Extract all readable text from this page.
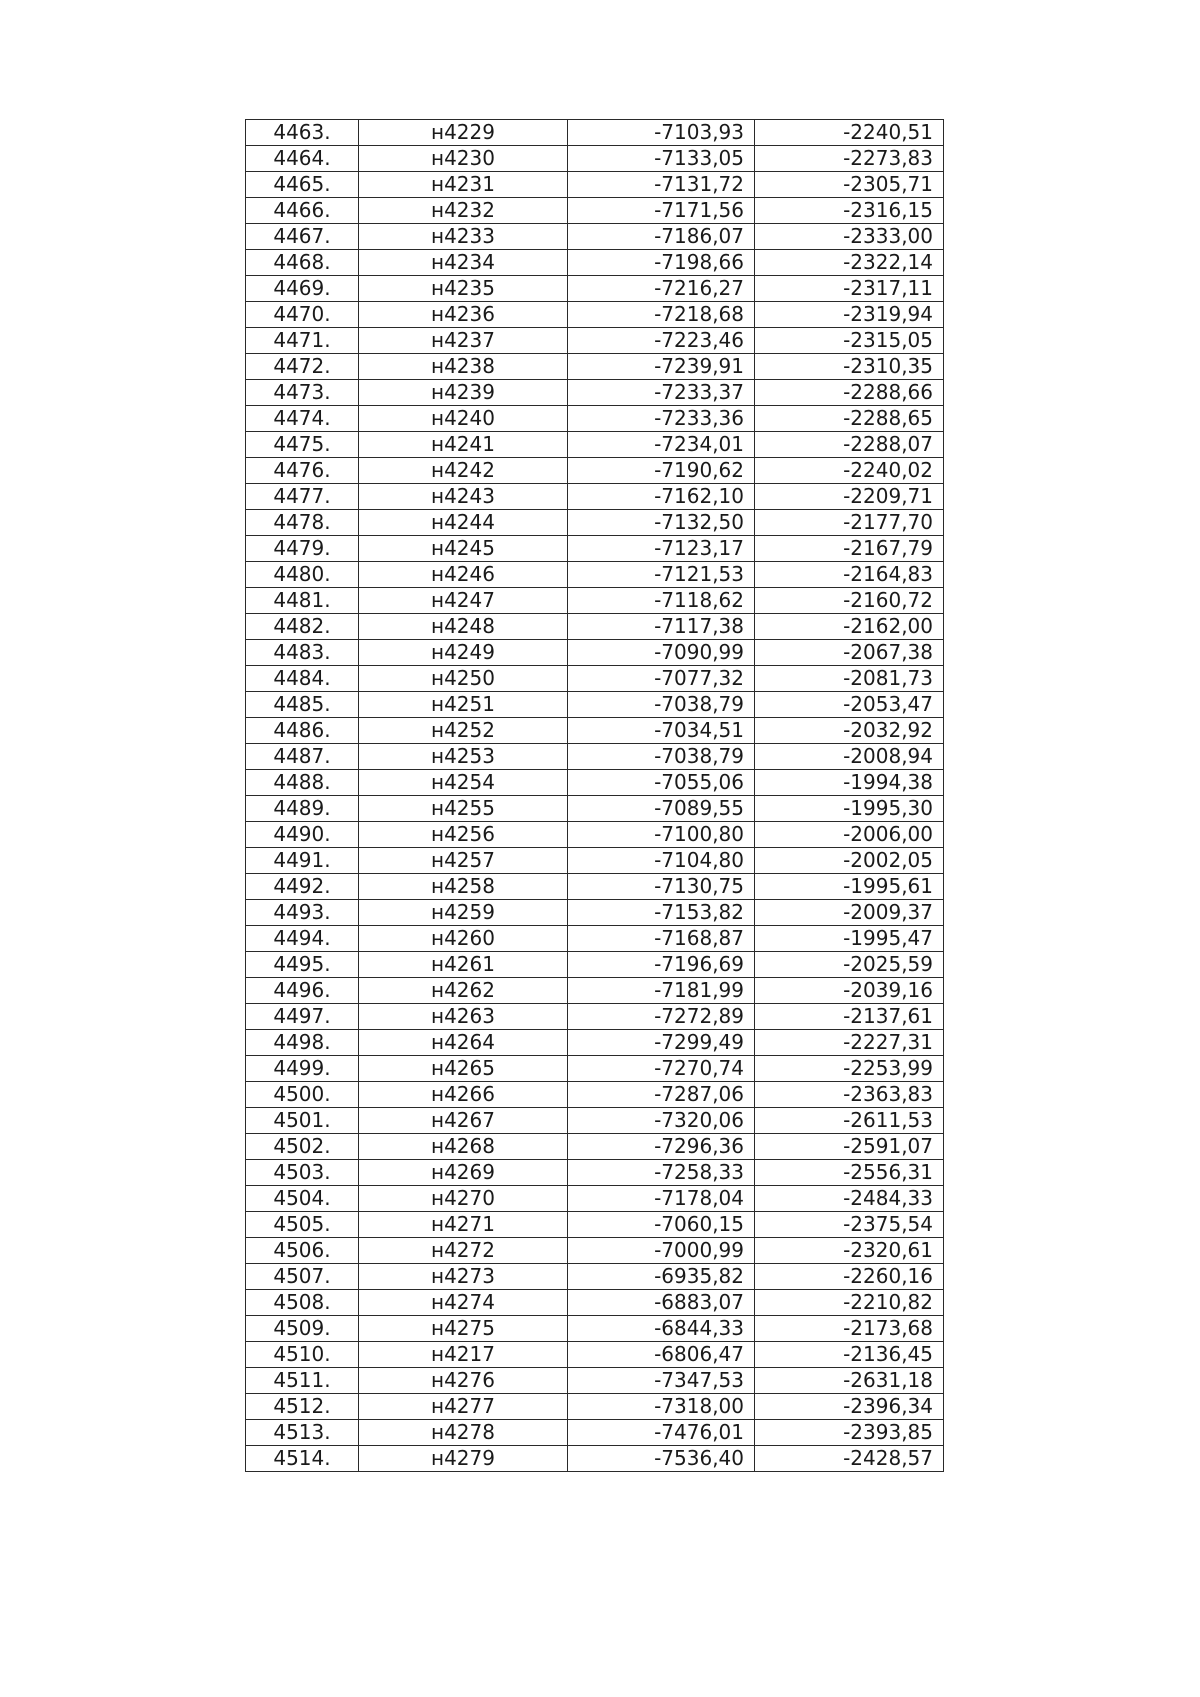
4463.	н4229	-7103,93	-2240,51
4464.	н4230	-7133,05	-2273,83
4465.	н4231	-7131,72	-2305,71
4466.	н4232	-7171,56	-2316,15
4467.	н4233	-7186,07	-2333,00
4468.	н4234	-7198,66	-2322,14
4469.	н4235	-7216,27	-2317,11
4470.	н4236	-7218,68	-2319,94
4471.	н4237	-7223,46	-2315,05
4472.	н4238	-7239,91	-2310,35
4473.	н4239	-7233,37	-2288,66
4474.	н4240	-7233,36	-2288,65
4475.	н4241	-7234,01	-2288,07
4476.	н4242	-7190,62	-2240,02
4477.	н4243	-7162,10	-2209,71
4478.	н4244	-7132,50	-2177,70
4479.	н4245	-7123,17	-2167,79
4480.	н4246	-7121,53	-2164,83
4481.	н4247	-7118,62	-2160,72
4482.	н4248	-7117,38	-2162,00
4483.	н4249	-7090,99	-2067,38
4484.	н4250	-7077,32	-2081,73
4485.	н4251	-7038,79	-2053,47
4486.	н4252	-7034,51	-2032,92
4487.	н4253	-7038,79	-2008,94
4488.	н4254	-7055,06	-1994,38
4489.	н4255	-7089,55	-1995,30
4490.	н4256	-7100,80	-2006,00
4491.	н4257	-7104,80	-2002,05
4492.	н4258	-7130,75	-1995,61
4493.	н4259	-7153,82	-2009,37
4494.	н4260	-7168,87	-1995,47
4495.	н4261	-7196,69	-2025,59
4496.	н4262	-7181,99	-2039,16
4497.	н4263	-7272,89	-2137,61
4498.	н4264	-7299,49	-2227,31
4499.	н4265	-7270,74	-2253,99
4500.	н4266	-7287,06	-2363,83
4501.	н4267	-7320,06	-2611,53
4502.	н4268	-7296,36	-2591,07
4503.	н4269	-7258,33	-2556,31
4504.	н4270	-7178,04	-2484,33
4505.	н4271	-7060,15	-2375,54
4506.	н4272	-7000,99	-2320,61
4507.	н4273	-6935,82	-2260,16
4508.	н4274	-6883,07	-2210,82
4509.	н4275	-6844,33	-2173,68
4510.	н4217	-6806,47	-2136,45
4511.	н4276	-7347,53	-2631,18
4512.	н4277	-7318,00	-2396,34
4513.	н4278	-7476,01	-2393,85
4514.	н4279	-7536,40	-2428,57
